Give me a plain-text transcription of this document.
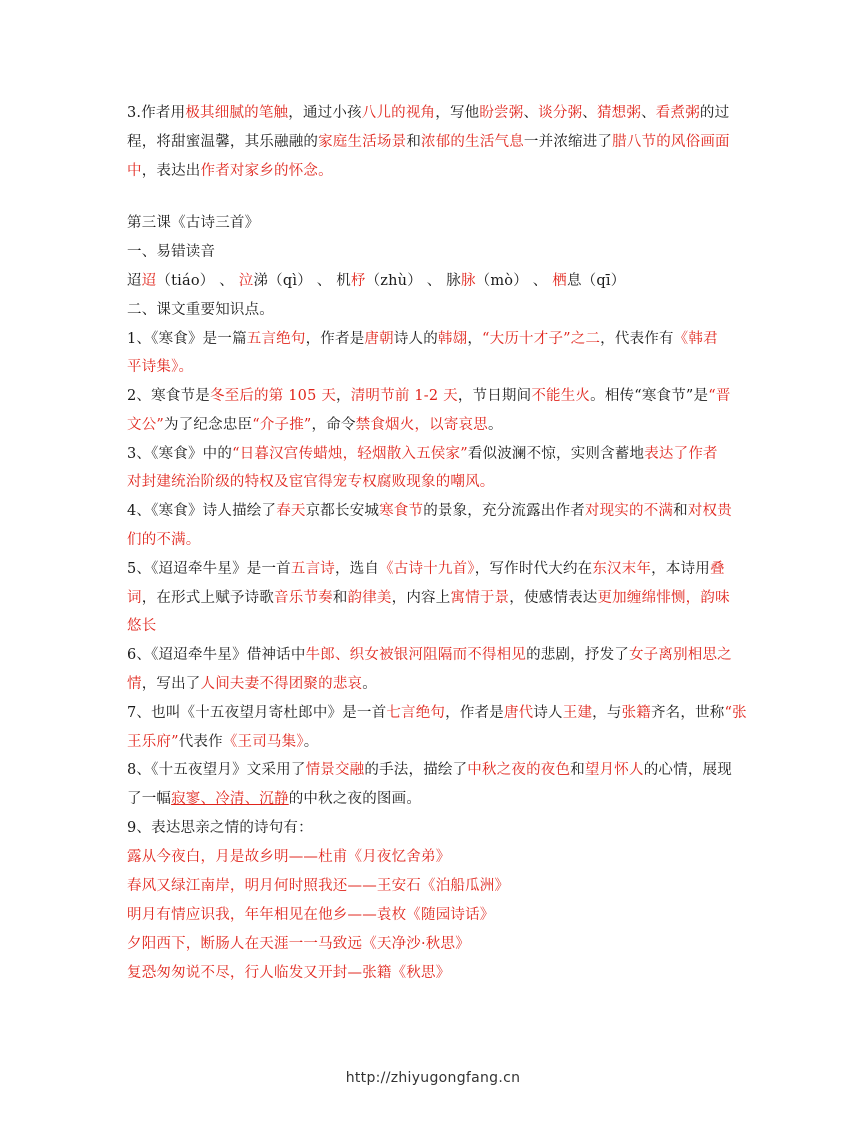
3.作者用极其细腻的笔触，通过小孩八儿的视角，写他盼尝粥、谈分粥、猜想粥、看煮粥的过
程，将甜蜜温馨，其乐融融的家庭生活场景和浓郁的生活气息一并浓缩进了腊八节的风俗画面
中，表达出作者对家乡的怀念。
第三课《古诗三首》
一、易错读音
迢迢（tiáo） 、 泣涕（qì） 、 机杼（zhù） 、 脉脉（mò） 、 栖息（qī）
二、课文重要知识点。
1、《寒食》是一篇五言绝句，作者是唐朝诗人的韩翃，“大历十才子”之二，代表作有《韩君
平诗集》。
2、寒食节是冬至后的第 105 天，清明节前 1-2 天，节日期间不能生火。相传“寒食节”是“晋
文公”为了纪念忠臣“介子推”，命令禁食烟火，以寄哀思。
3、《寒食》中的“日暮汉宫传蜡烛，轻烟散入五侯家”看似波澜不惊，实则含蓄地表达了作者
对封建统治阶级的特权及宦官得宠专权腐败现象的嘲风。
4、《寒食》诗人描绘了春天京都长安城寒食节的景象，充分流露出作者对现实的不满和对权贵
们的不满。
5、《迢迢牵牛星》是一首五言诗，选自《古诗十九首》，写作时代大约在东汉末年，本诗用叠
词，在形式上赋予诗歌音乐节奏和韵律美，内容上寓情于景，使感情表达更加缠绵悱恻，韵味
悠长
6、《迢迢牵牛星》借神话中牛郎、织女被银河阻隔而不得相见的悲剧，抒发了女子离别相思之
情，写出了人间夫妻不得团聚的悲哀。
7、也叫《十五夜望月寄杜郎中》是一首七言绝句，作者是唐代诗人王建，与张籍齐名，世称“张
王乐府”代表作《王司马集》。
8、《十五夜望月》文采用了情景交融的手法，描绘了中秋之夜的夜色和望月怀人的心情，展现
了一幅寂寥、冷清、沉静的中秋之夜的图画。
9、表达思亲之情的诗句有：
露从今夜白，月是故乡明——杜甫《月夜忆舍弟》
春风又绿江南岸，明月何时照我还——王安石《泊船瓜洲》
明月有情应识我，年年相见在他乡——袁枚《随园诗话》
夕阳西下，断肠人在天涯一一马致远《天净沙·秋思》
复恐匆匆说不尽，行人临发又开封—张籍《秋思》
http://zhiyugongfang.cn
